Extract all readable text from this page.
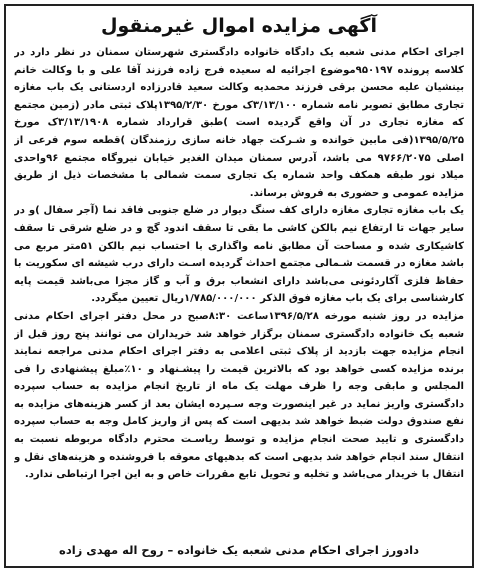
آگهی مزایده اموال غیرمنقول

اجرای احکام مدنی شعبه یک دادگاه خانواده دادگستری شهرستان سمنان در نظر دارد در کلاسه پرونده ۹۵۰۱۹۷موضوع اجرائیه له سعیده فرج زاده فرزند آقا علی و با وکالت خانم بینشیان علیه محسن برقی فرزند محمدیه وکالت سعید قادرزاده اردستانی یک باب مغازه تجاری مطابق تصویر نامه شماره ۳/۱۳/۱۰۰ک مورخ ۱۳۹۵/۲/۳۰پلاک ثبتی مادر (زمین مجتمع که مغازه تجاری در آن واقع گردیده است )طبق قرارداد شماره ۳/۱۳/۱۹۰۸ک مورخ ۱۳۹۵/۵/۲۵(فی مابین خوانده و شـرکت جهاد خانه سازی رزمندگان )قطعه سوم فرعی از اصلی ۹۷۶۶/۲۰۷۵ می باشد، آدرس سمنان میدان الغدیر خیابان نیروگاه مجتمع ۹۶واحدی میلاد نور طبقه همکف واحد شماره یک تجاری سمت شمالی با مشخصات ذیل از طریق مزایده عمومی و حضوری به فروش برساند.

یک باب مغازه تجاری مغازه دارای کف سنگ دیوار در ضلع جنوبی فاقد نما (آجر سفال )و در سایر جهات تا ارتفاع نیم بالکن کاشی ما بقی تا سقف اندود گچ و در ضلع شرقی تا سقف کاشیکاری شده و مساحت آن مطابق نامه واگذاری با احتساب نیم بالکن ۵۱متر مربع می باشد مغازه در قسمت شـمالی مجتمع احداث گردیده اسـت دارای درب شیشه ای سکوریت با حفاظ فلزی آکاردئونی می‌باشد دارای انشعاب برق و آب و گاز مجزا می‌باشد قیمت پایه کارشناسی برای یک باب مغازه فوق الذکر ۱/۷۸۵/۰۰۰/۰۰۰ریال تعیین میگردد.

مزایده در روز شنبه مورخه ۱۳۹۶/۵/۲۸ساعت ۸:۳۰صبح در محل دفتر اجرای احکام مدنی شعبه یک خانواده دادگستری سمنان برگزار خواهد شد خریداران می توانند پنج روز قبل از انجام مزایده جهت بازدید از پلاک ثبتی اعلامی به دفتر اجرای احکام مدنی مراجعه نمایند برنده مزایده کسی خواهد بود که بالاترین قیمت را پیشـنهاد و ۱۰٪مبلغ پیشنهادی را فی المجلس و مابقی وجه را ظرف مهلت یک ماه از تاریخ انجام مزایده به حساب سپرده دادگستری واریز نماید در غیر اینصورت وجه سـپرده ایشان بعد از کسر هزینه‌های مزایده به نفع صندوق دولت ضبط خواهد شد بدیهی است که پس از واریز کامل وجه به حساب سپرده دادگستری و تایید صحت انجام مزایده و توسط ریاسـت محترم دادگاه مربوطه نسبت به انتقال سند انجام خواهد شد بدیهی است که بدهیهای معوقه با فروشنده و هزینه‌های نقل و انتقال با خریدار می‌باشد و تخلیه و تحویل تابع مقررات خاص و به این اجرا ارتباطی ندارد.

دادورز اجرای احکام مدنی شعبه یک خانواده – روح اله مهدی زاده
